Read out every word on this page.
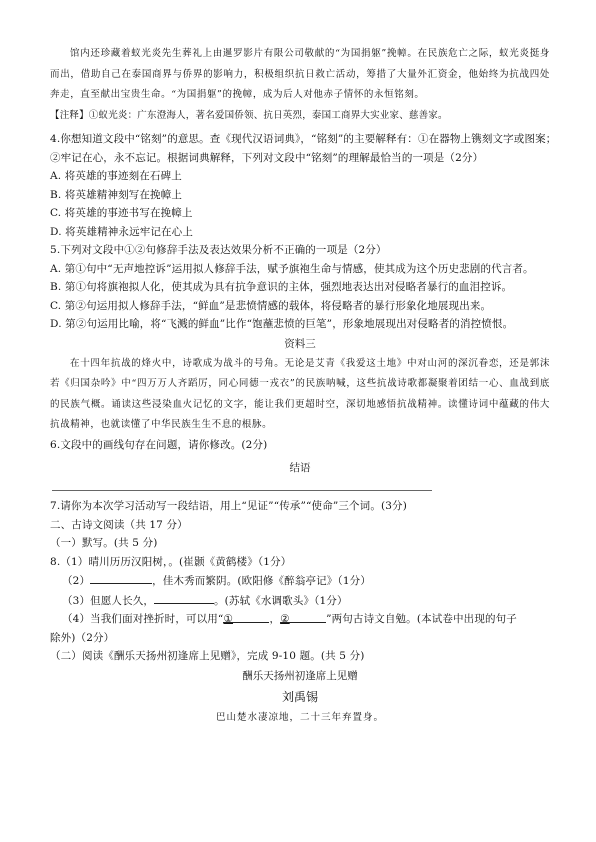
馆内还珍藏着蚁光炎先生葬礼上由暹罗影片有限公司敬献的“为国捐躯”挽幛。在民族危亡之际，蚁光炎挺身而出，借助自己在泰国商界与侨界的影响力，积极组织抗日救亡活动，筹措了大量外汇资金，他始终为抗战四处奔走，直至献出宝贵生命。“为国捐躯”的挽幛，成为后人对他赤子情怀的永恒铭刻。
【注释】①蚁光炎：广东澄海人，著名爱国侨领、抗日英烈，泰国工商界大实业家、慈善家。
4.你想知道文段中“铭刻”的意思。查《现代汉语词典》，“铭刻”的主要解释有：①在器物上镌刻文字或图案；
②牢记在心，永不忘记。根据词典解释，下列对文段中“铭刻”的理解最恰当的一项是（2分）
A. 将英雄的事迹刻在石碑上
B. 将英雄精神刻写在挽幛上
C. 将英雄的事迹书写在挽幛上
D. 将英雄精神永远牢记在心上
5.下列对文段中①②句修辞手法及表达效果分析不正确的一项是（2分）
A. 第①句中“无声地控诉”运用拟人修辞手法，赋予旗袍生命与情感，使其成为这个历史悲剧的代言者。
B. 第①句将旗袍拟人化，使其成为具有抗争意识的主体，强烈地表达出对侵略者暴行的血泪控诉。
C. 第②句运用拟人修辞手法，“鲜血”是悲愤情感的载体，将侵略者的暴行形象化地展现出来。
D. 第②句运用比喻，将“飞溅的鲜血”比作“饱蘸悲愤的巨笔”，形象地展现出对侵略者的消控愤恨。
资料三
在十四年抗战的烽火中，诗歌成为战斗的号角。无论是艾青《我爱这土地》中对山河的深沉眷恋，还是郭沫若《归国杂吟》中“四万万人齐蹈厉，同心同德一戎衣”的民族呐喊，这些抗战诗歌都凝聚着团结一心、血战到底的民族气概。诵读这些浸染血火记忆的文字，能让我们更超时空，深切地感悟抗战精神。读懂诗词中蕴藏的伟大抗战精神，也就读懂了中华民族生生不息的根脉。
6.文段中的画线句存在问题，请你修改。(2分)
结语
7.请你为本次学习活动写一段结语，用上“见证”“传承”“使命”三个词。(3分)
二、古诗文阅读（共 17 分）
（一）默写。(共 5 分)
8.（1）晴川历历汉阳树，。(崔颢《黄鹤楼》（1分）
（2）	，佳木秀而繁阴。(欧阳修《醉翁亭记》（1分）
（3）但愿人长久，	。(苏轼《水调歌头》（1分）
（4）当我们面对挫折时，可以用“①	，②	”两句古诗文自勉。(本试卷中出现的句子
除外)（2分）
（二）阅读《酬乐天扬州初逢席上见赠》，完成 9-10 题。(共 5 分)
酬乐天扬州初逢席上见赠
刘禹锡
巴山楚水凄凉地，二十三年弃置身。
